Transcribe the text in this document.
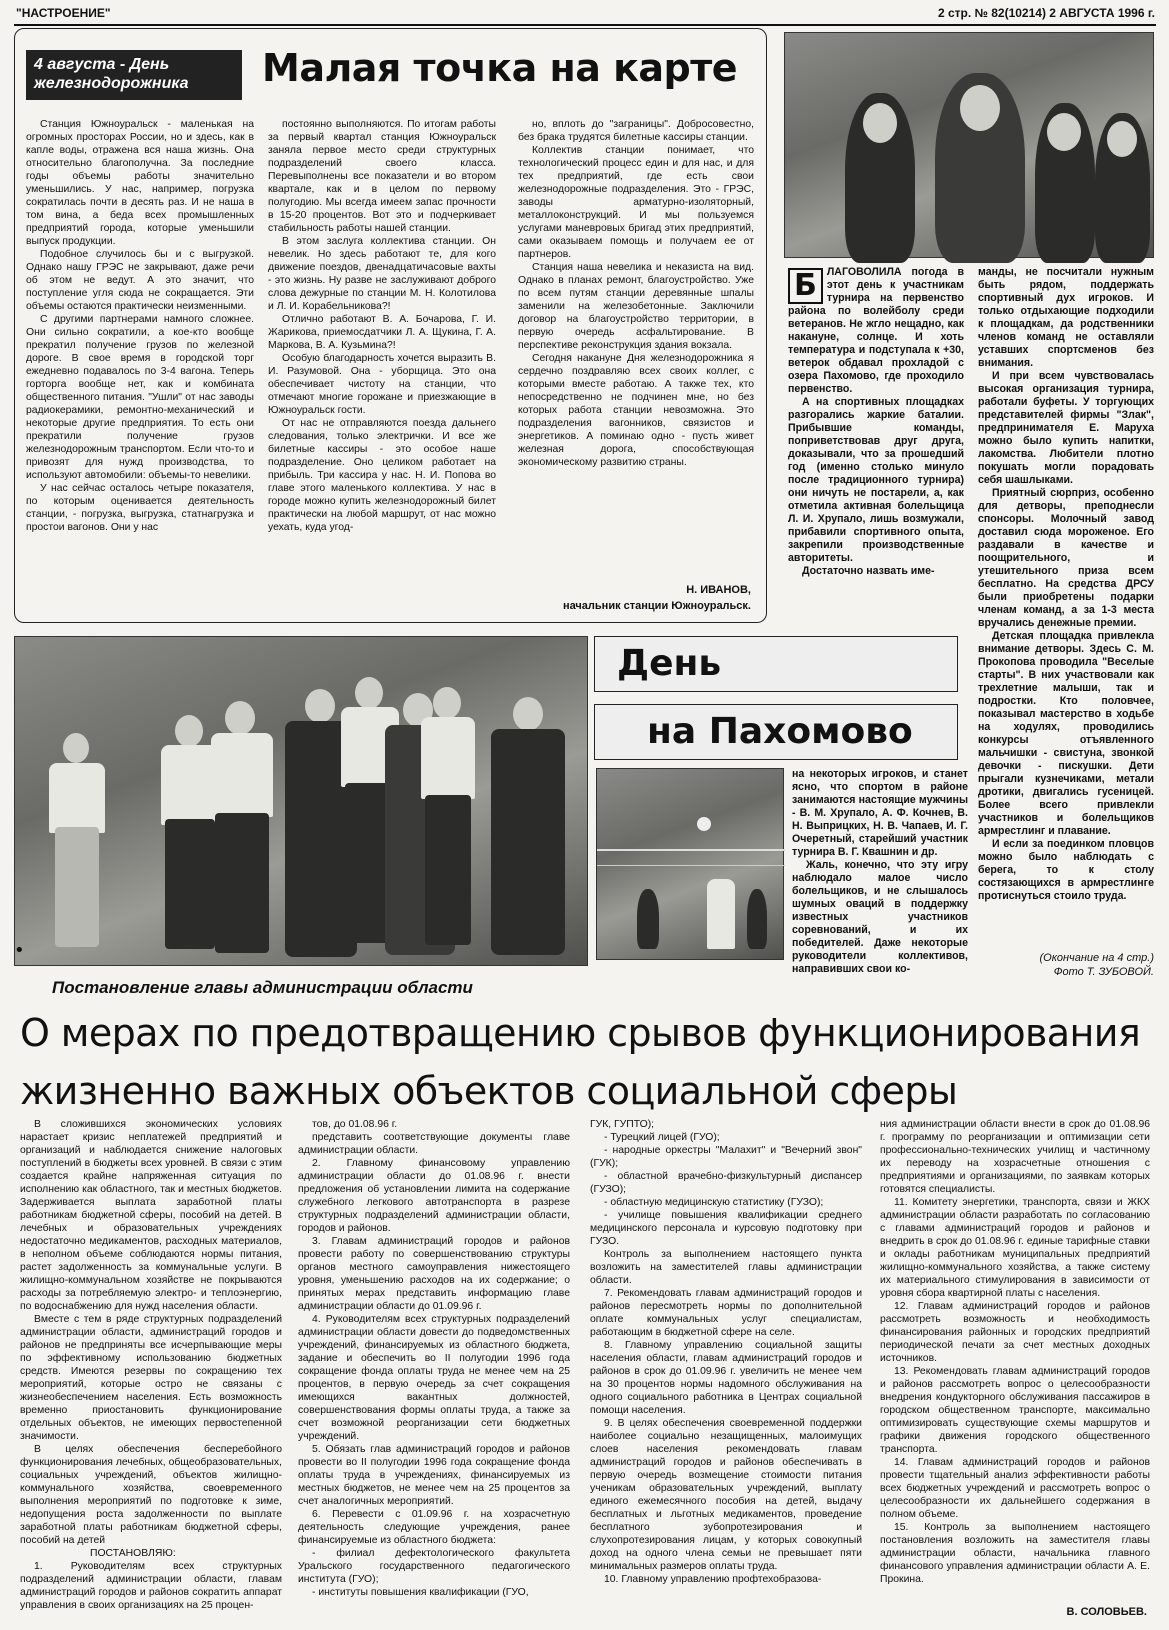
"НАСТРОЕНИЕ"	2 стр. № 82(10214) 2 АВГУСТА 1996 г.
4 августа - День
железнодорожника	Малая точка на карте

Станция Южноуральск - маленькая на огромных просторах России, но и здесь, как в капле воды, отражена вся наша жизнь. Она относительно благополучна. За последние годы объемы работы значительно уменьшились. У нас, например, погрузка сократилась почти в десять раз. И не наша в том вина, а беда всех промышленных предприятий города, которые уменьшили выпуск продукции.

Подобное случилось бы и с выгрузкой. Однако нашу ГРЭС не закрывают, даже речи об этом не ведут. А это значит, что поступление угля сюда не сокращается. Эти объемы остаются практически неизменными.

С другими партнерами намного сложнее. Они сильно сократили, а кое-кто вообще прекратил получение грузов по железной дороге. В свое время в городской торг ежедневно подавалось по 3-4 вагона. Теперь горторга вообще нет, как и комбината общественного питания. "Ушли" от нас заводы радиокерамики, ремонтно-механический и некоторые другие предприятия. То есть они прекратили получение грузов железнодорожным транспортом. Если что-то и привозят для нужд производства, то используют автомобили: объемы-то невелики.

У нас сейчас осталось четыре показателя, по которым оценивается деятельность станции, - погрузка, выгрузка, статнагрузка и простои вагонов. Они у нас

постоянно выполняются. По итогам работы за первый квартал станция Южноуральск заняла первое место среди структурных подразделений своего класса. Перевыполнены все показатели и во втором квартале, как и в целом по первому полугодию. Мы всегда имеем запас прочности в 15-20 процентов. Вот это и подчеркивает стабильность работы нашей станции.

В этом заслуга коллектива станции. Он невелик. Но здесь работают те, для кого движение поездов, двенадцатичасовые вахты - это жизнь. Ну разве не заслуживают доброго слова дежурные по станции М. Н. Колотилова и Л. И. Корабельникова?!

Отлично работают В. А. Бочарова, Г. И. Жарикова, приемосдатчики Л. А. Щукина, Г. А. Маркова, В. А. Кузьмина?!

Особую благодарность хочется выразить В. И. Разумовой. Она - уборщица. Это она обеспечивает чистоту на станции, что отмечают многие горожане и приезжающие в Южноуральск гости.

От нас не отправляются поезда дальнего следования, только электрички. И все же билетные кассиры - это особое наше подразделение. Оно целиком работает на прибыль. Три кассира у нас. Н. И. Попова во главе этого маленького коллектива. У нас в городе можно купить железнодорожный билет практически на любой маршрут, от нас можно уехать, куда угод-

но, вплоть до "заграницы". Добросовестно, без брака трудятся билетные кассиры станции.

Коллектив станции понимает, что технологический процесс един и для нас, и для тех предприятий, где есть свои железнодорожные подразделения. Это - ГРЭС, заводы арматурно-изоляторный, металлоконструкций. И мы пользуемся услугами маневровых бригад этих предприятий, сами оказываем помощь и получаем ее от партнеров.

Станция наша невелика и неказиста на вид. Однако в планах ремонт, благоустройство. Уже по всем путям станции деревянные шпалы заменили на железобетонные. Заключили договор на благоустройство территории, в первую очередь асфальтирование. В перспективе реконструкция здания вокзала.

Сегодня накануне Дня железнодорожника я сердечно поздравляю всех своих коллег, с которыми вместе работаю. А также тех, кто непосредственно не подчинен мне, но без которых работа станции невозможна. Это подразделения вагонников, связистов и энергетиков. А поминаю одно - пусть живет железная дорога, способствующая экономическому развитию страны.

Н. ИВАНОВ,
начальник станции Южноуральск.

Б ЛАГОВОЛИЛА погода в этот день к участникам турнира на первенство района по волейболу среди ветеранов. Не жгло нещадно, как накануне, солнце. И хоть температура и подступала к +30, ветерок обдавал прохладой с озера Пахомово, где проходило первенство.

А на спортивных площадках разгорались жаркие баталии. Прибывшие команды, поприветствовав друг друга, доказывали, что за прошедший год (именно столько минуло после традиционного турнира) они ничуть не постарели, а, как отметила активная болельщица Л. И. Хрупало, лишь возмужали, прибавили спортивного опыта, закрепили производственные авторитеты.

Достаточно назвать име-

манды, не посчитали нужным быть рядом, поддержать спортивный дух игроков. И только отдыхающие подходили к площадкам, да родственники членов команд не оставляли уставших спортсменов без внимания.

И при всем чувствовалась высокая организация турнира, работали буфеты. У торгующих представителей фирмы "Злак", предпринимателя Е. Маруха можно было купить напитки, лакомства. Любители плотно покушать могли порадовать себя шашлыками.

Приятный сюрприз, особенно для детворы, преподнесли спонсоры. Молочный завод доставил сюда мороженое. Его раздавали в качестве и поощрительного, и утешительного приза всем бесплатно. На средства ДРСУ были приобретены подарки членам команд, а за 1-3 места вручались денежные премии.

Детская площадка привлекла внимание детворы. Здесь С. М. Прокопова проводила "Веселые старты". В них участвовали как трехлетние малыши, так и подростки. Кто половчее, показывал мастерство в ходьбе на ходулях, проводились конкурсы отъявленного мальчишки - свистуна, звонкой девочки - пискушки. Дети прыгали кузнечиками, метали дротики, двигались гусеницей. Более всего привлекли участников и болельщиков армрестлинг и плавание.

И если за поединком пловцов можно было наблюдать с берега, то к столу состязающихся в армрестлинге протиснуться стоило труда.

День
на Пахомово

на некоторых игроков, и станет ясно, что спортом в районе занимаются настоящие мужчины - В. М. Хрупало, А. Ф. Кочнев, В. Н. Выприцких, Н. В. Чапаев, И. Г. Очеретный, старейший участник турнира В. Г. Квашнин и др.

Жаль, конечно, что эту игру наблюдало малое число болельщиков, и не слышалось шумных оваций в поддержку известных участников соревнований, и их победителей. Даже некоторые руководители коллективов, направивших свои ко-

(Окончание на 4 стр.)
Фото Т. ЗУБОВОЙ.
•
Постановление главы администрации области
О мерах по предотвращению срывов функционирования
жизненно важных объектов социальной сферы

В сложившихся экономических условиях нарастает кризис неплатежей предприятий и организаций и наблюдается снижение налоговых поступлений в бюджеты всех уровней. В связи с этим создается крайне напряженная ситуация по исполнению как областного, так и местных бюджетов. Задерживается выплата заработной платы работникам бюджетной сферы, пособий на детей. В лечебных и образовательных учреждениях недостаточно медикаментов, расходных материалов, в неполном объеме соблюдаются нормы питания, растет задолженность за коммунальные услуги. В жилищно-коммунальном хозяйстве не покрываются расходы за потребляемую электро- и теплоэнергию, по водоснабжению для нужд населения области.

Вместе с тем в ряде структурных подразделений администрации области, администраций городов и районов не предприняты все исчерпывающие меры по эффективному использованию бюджетных средств. Имеются резервы по сокращению тех мероприятий, которые остро не связаны с жизнеобеспечением населения. Есть возможность временно приостановить функционирование отдельных объектов, не имеющих первостепенной значимости.

В целях обеспечения бесперебойного функционирования лечебных, общеобразовательных, социальных учреждений, объектов жилищно-коммунального хозяйства, своевременного выполнения мероприятий по подготовке к зиме, недопущения роста задолженности по выплате заработной платы работникам бюджетной сферы, пособий на детей

ПОСТАНОВЛЯЮ:

1. Руководителям всех структурных подразделений администрации области, главам администраций городов и районов сократить аппарат управления в своих организациях на 25 процен-

тов, до 01.08.96 г.

представить соответствующие документы главе администрации области.

2. Главному финансовому управлению администрации области до 01.08.96 г. внести предложения об установлении лимита на содержание служебного легкового автотранспорта в разрезе структурных подразделений администрации области, городов и районов.

3. Главам администраций городов и районов провести работу по совершенствованию структуры органов местного самоуправления нижестоящего уровня, уменьшению расходов на их содержание; о принятых мерах представить информацию главе администрации области до 01.09.96 г.

4. Руководителям всех структурных подразделений администрации области довести до подведомственных учреждений, финансируемых из областного бюджета, задание и обеспечить во II полугодии 1996 года сокращение фонда оплаты труда не менее чем на 25 процентов, в первую очередь за счет сокращения имеющихся вакантных должностей, совершенствования формы оплаты труда, а также за счет возможной реорганизации сети бюджетных учреждений.

5. Обязать глав администраций городов и районов провести во II полугодии 1996 года сокращение фонда оплаты труда в учреждениях, финансируемых из местных бюджетов, не менее чем на 25 процентов за счет аналогичных мероприятий.

6. Перевести с 01.09.96 г. на хозрасчетную деятельность следующие учреждения, ранее финансируемые из областного бюджета:

- филиал дефектологического факультета Уральского государственного педагогического института (ГУО);

- институты повышения квалификации (ГУО,

ГУК, ГУПТО);

- Турецкий лицей (ГУО);

- народные оркестры "Малахит" и "Вечерний звон" (ГУК);

- областной врачебно-физкультурный диспансер (ГУЗО);

- областную медицинскую статистику (ГУЗО);

- училище повышения квалификации среднего медицинского персонала и курсовую подготовку при ГУЗО.

Контроль за выполнением настоящего пункта возложить на заместителей главы администрации области.

7. Рекомендовать главам администраций городов и районов пересмотреть нормы по дополнительной оплате коммунальных услуг специалистам, работающим в бюджетной сфере на селе.

8. Главному управлению социальной защиты населения области, главам администраций городов и районов в срок до 01.09.96 г. увеличить не менее чем на 30 процентов нормы надомного обслуживания на одного социального работника в Центрах социальной помощи населения.

9. В целях обеспечения своевременной поддержки наиболее социально незащищенных, малоимущих слоев населения рекомендовать главам администраций городов и районов обеспечивать в первую очередь возмещение стоимости питания ученикам образовательных учреждений, выплату единого ежемесячного пособия на детей, выдачу бесплатных и льготных медикаментов, проведение бесплатного зубопротезирования и слухопротезирования лицам, у которых совокупный доход на одного члена семьи не превышает пяти минимальных размеров оплаты труда.

10. Главному управлению профтехобразова-

ния администрации области внести в срок до 01.08.96 г. программу по реорганизации и оптимизации сети профессионально-технических училищ и частичному их переводу на хозрасчетные отношения с предприятиями и организациями, по заявкам которых готовятся специалисты.

11. Комитету энергетики, транспорта, связи и ЖКХ администрации области разработать по согласованию с главами администраций городов и районов и внедрить в срок до 01.08.96 г. единые тарифные ставки и оклады работникам муниципальных предприятий жилищно-коммунального хозяйства, а также систему их материального стимулирования в зависимости от уровня сбора квартирной платы с населения.

12. Главам администраций городов и районов рассмотреть возможность и необходимость финансирования районных и городских предприятий периодической печати за счет местных доходных источников.

13. Рекомендовать главам администраций городов и районов рассмотреть вопрос о целесообразности внедрения кондукторного обслуживания пассажиров в городском общественном транспорте, максимально оптимизировать существующие схемы маршрутов и графики движения городского общественного транспорта.

14. Главам администраций городов и районов провести тщательный анализ эффективности работы всех бюджетных учреждений и рассмотреть вопрос о целесообразности их дальнейшего содержания в полном объеме.

15. Контроль за выполнением настоящего постановления возложить на заместителя главы администрации области, начальника главного финансового управления администрации области А. Е. Прокина.

В. СОЛОВЬЕВ.
